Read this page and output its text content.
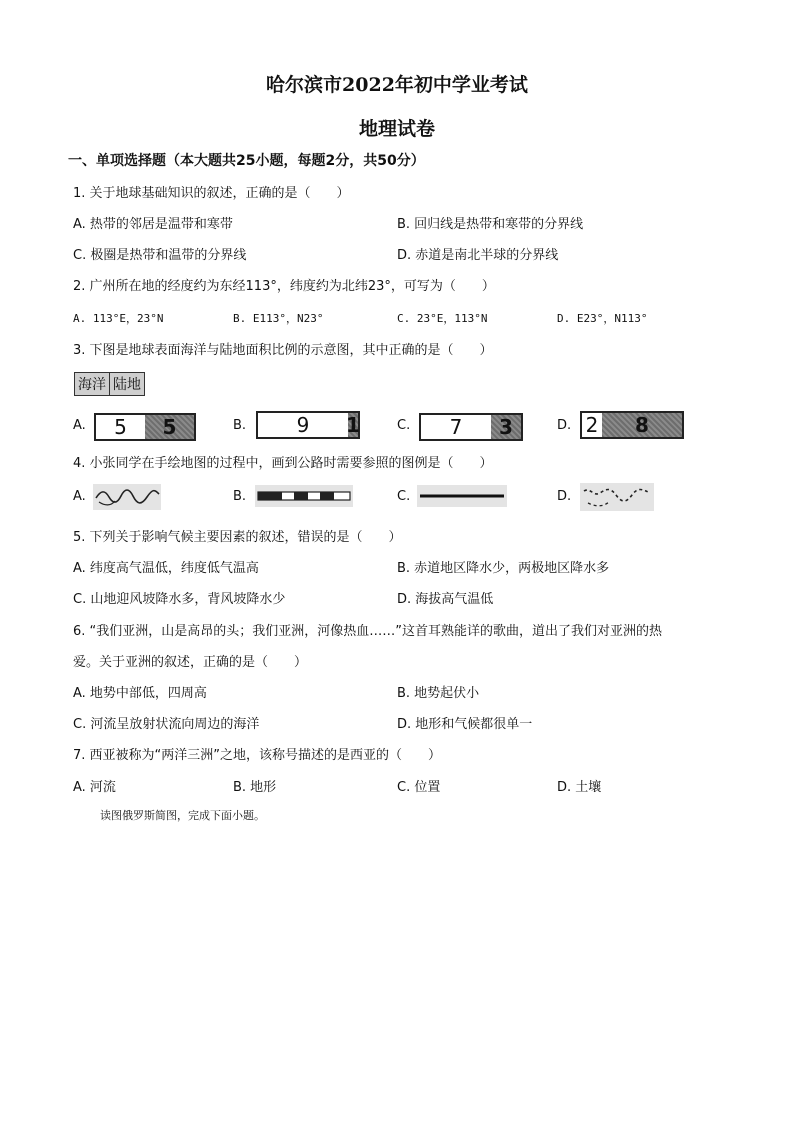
哈尔滨市2022年初中学业考试
地理试卷
一、单项选择题（本大题共25小题，每题2分，共50分）
1. 关于地球基础知识的叙述，正确的是（　　）
A. 热带的邻居是温带和寒带	B. 回归线是热带和寒带的分界线
C. 极圈是热带和温带的分界线	D. 赤道是南北半球的分界线
2. 广州所在地的经度约为东经113°，纬度约为北纬23°，可写为（　　）
A. 113°E，23°N	B. E113°，N23°	C. 23°E，113°N	D. E23°，N113°
3. 下图是地球表面海洋与陆地面积比例的示意图，其中正确的是（　　）
海洋 陆地
A.	5	5	B.	9	1	C.	7	3	D. 2	8
4. 小张同学在手绘地图的过程中，画到公路时需要参照的图例是（　　）
A.	B.	C.	D.
5. 下列关于影响气候主要因素的叙述，错误的是（　　）
A. 纬度高气温低，纬度低气温高	B. 赤道地区降水少，两极地区降水多
C. 山地迎风坡降水多，背风坡降水少	D. 海拔高气温低
6. “我们亚洲，山是高昂的头；我们亚洲，河像热血……”这首耳熟能详的歌曲，道出了我们对亚洲的热
爱。关于亚洲的叙述，正确的是（　　）
A. 地势中部低，四周高	B. 地势起伏小
C. 河流呈放射状流向周边的海洋	D. 地形和气候都很单一
7. 西亚被称为“两洋三洲”之地，该称号描述的是西亚的（　　）
A. 河流	B. 地形	C. 位置	D. 土壤
读图俄罗斯简图，完成下面小题。
